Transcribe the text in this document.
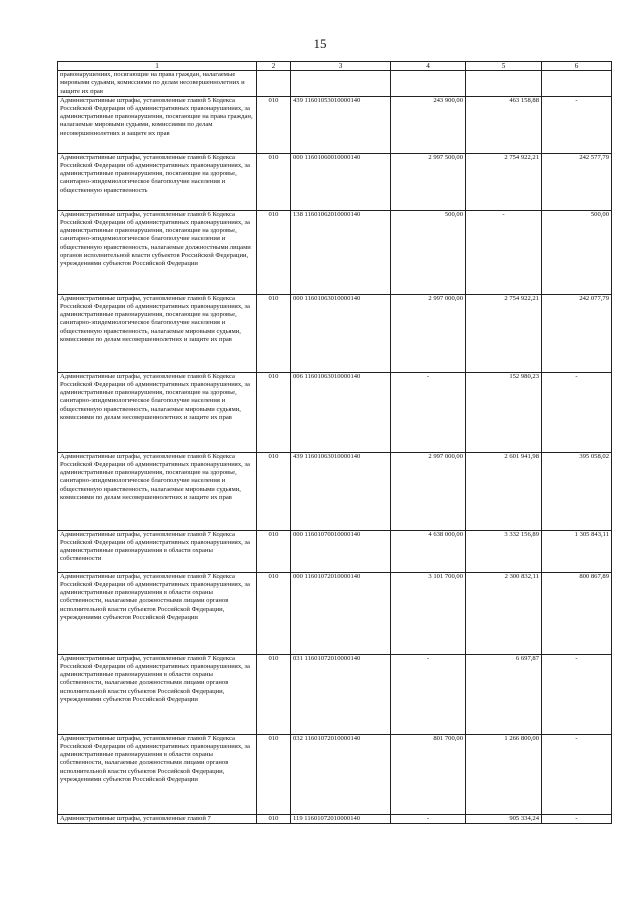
15
1	2	3	4	5	6
правонарушениях, посягающие на права граждан, налагаемые мировыми судьями, комиссиями по делам несовершеннолетних и защите их прав					
Административные штрафы, установленные главой 5 Кодекса Российской Федерации об административных правонарушениях, за административные правонарушения, посягающие на права граждан, налагаемые мировыми судьями, комиссиями по делам несовершеннолетних и защите их прав	010	439 11601053010000140	243 900,00	463 158,88	-
Административные штрафы, установленные главой 6 Кодекса Российской Федерации об административных правонарушениях, за административные правонарушения, посягающие на здоровье, санитарно-эпидемиологическое благополучие населения и общественную нравственность	010	000 11601060010000140	2 997 500,00	2 754 922,21	242 577,79
Административные штрафы, установленные главой 6 Кодекса Российской Федерации об административных правонарушениях, за административные правонарушения, посягающие на здоровье, санитарно-эпидемиологическое благополучие населения и общественную нравственность, налагаемые должностными лицами органов исполнительной власти субъектов Российской Федерации, учреждениями субъектов Российской Федерации	010	138 11601062010000140	500,00	-	500,00
Административные штрафы, установленные главой 6 Кодекса Российской Федерации об административных правонарушениях, за административные правонарушения, посягающие на здоровье, санитарно-эпидемиологическое благополучие населения и общественную нравственность, налагаемые мировыми судьями, комиссиями по делам несовершеннолетних и защите их прав	010	000 11601063010000140	2 997 000,00	2 754 922,21	242 077,79
Административные штрафы, установленные главой 6 Кодекса Российской Федерации об административных правонарушениях, за административные правонарушения, посягающие на здоровье, санитарно-эпидемиологическое благополучие населения и общественную нравственность, налагаемые мировыми судьями, комиссиями по делам несовершеннолетних и защите их прав	010	006 11601063010000140	-	152 980,23	-
Административные штрафы, установленные главой 6 Кодекса Российской Федерации об административных правонарушениях, за административные правонарушения, посягающие на здоровье, санитарно-эпидемиологическое благополучие населения и общественную нравственность, налагаемые мировыми судьями, комиссиями по делам несовершеннолетних и защите их прав	010	439 11601063010000140	2 997 000,00	2 601 941,98	395 058,02
Административные штрафы, установленные главой 7 Кодекса Российской Федерации об административных правонарушениях, за административные правонарушения в области охраны собственности	010	000 11601070010000140	4 638 000,00	3 332 156,89	1 305 843,11
Административные штрафы, установленные главой 7 Кодекса Российской Федерации об административных правонарушениях, за административные правонарушения в области охраны собственности, налагаемые должностными лицами органов исполнительной власти субъектов Российской Федерации, учреждениями субъектов Российской Федерации	010	000 11601072010000140	3 101 700,00	2 300 832,11	800 867,89
Административные штрафы, установленные главой 7 Кодекса Российской Федерации об административных правонарушениях, за административные правонарушения в области охраны собственности, налагаемые должностными лицами органов исполнительной власти субъектов Российской Федерации, учреждениями субъектов Российской Федерации	010	031 11601072010000140	-	6 697,87	-
Административные штрафы, установленные главой 7 Кодекса Российской Федерации об административных правонарушениях, за административные правонарушения в области охраны собственности, налагаемые должностными лицами органов исполнительной власти субъектов Российской Федерации, учреждениями субъектов Российской Федерации	010	032 11601072010000140	801 700,00	1 266 800,00	-
Административные штрафы, установленные главой 7	010	119 11601072010000140	-	905 334,24	-
